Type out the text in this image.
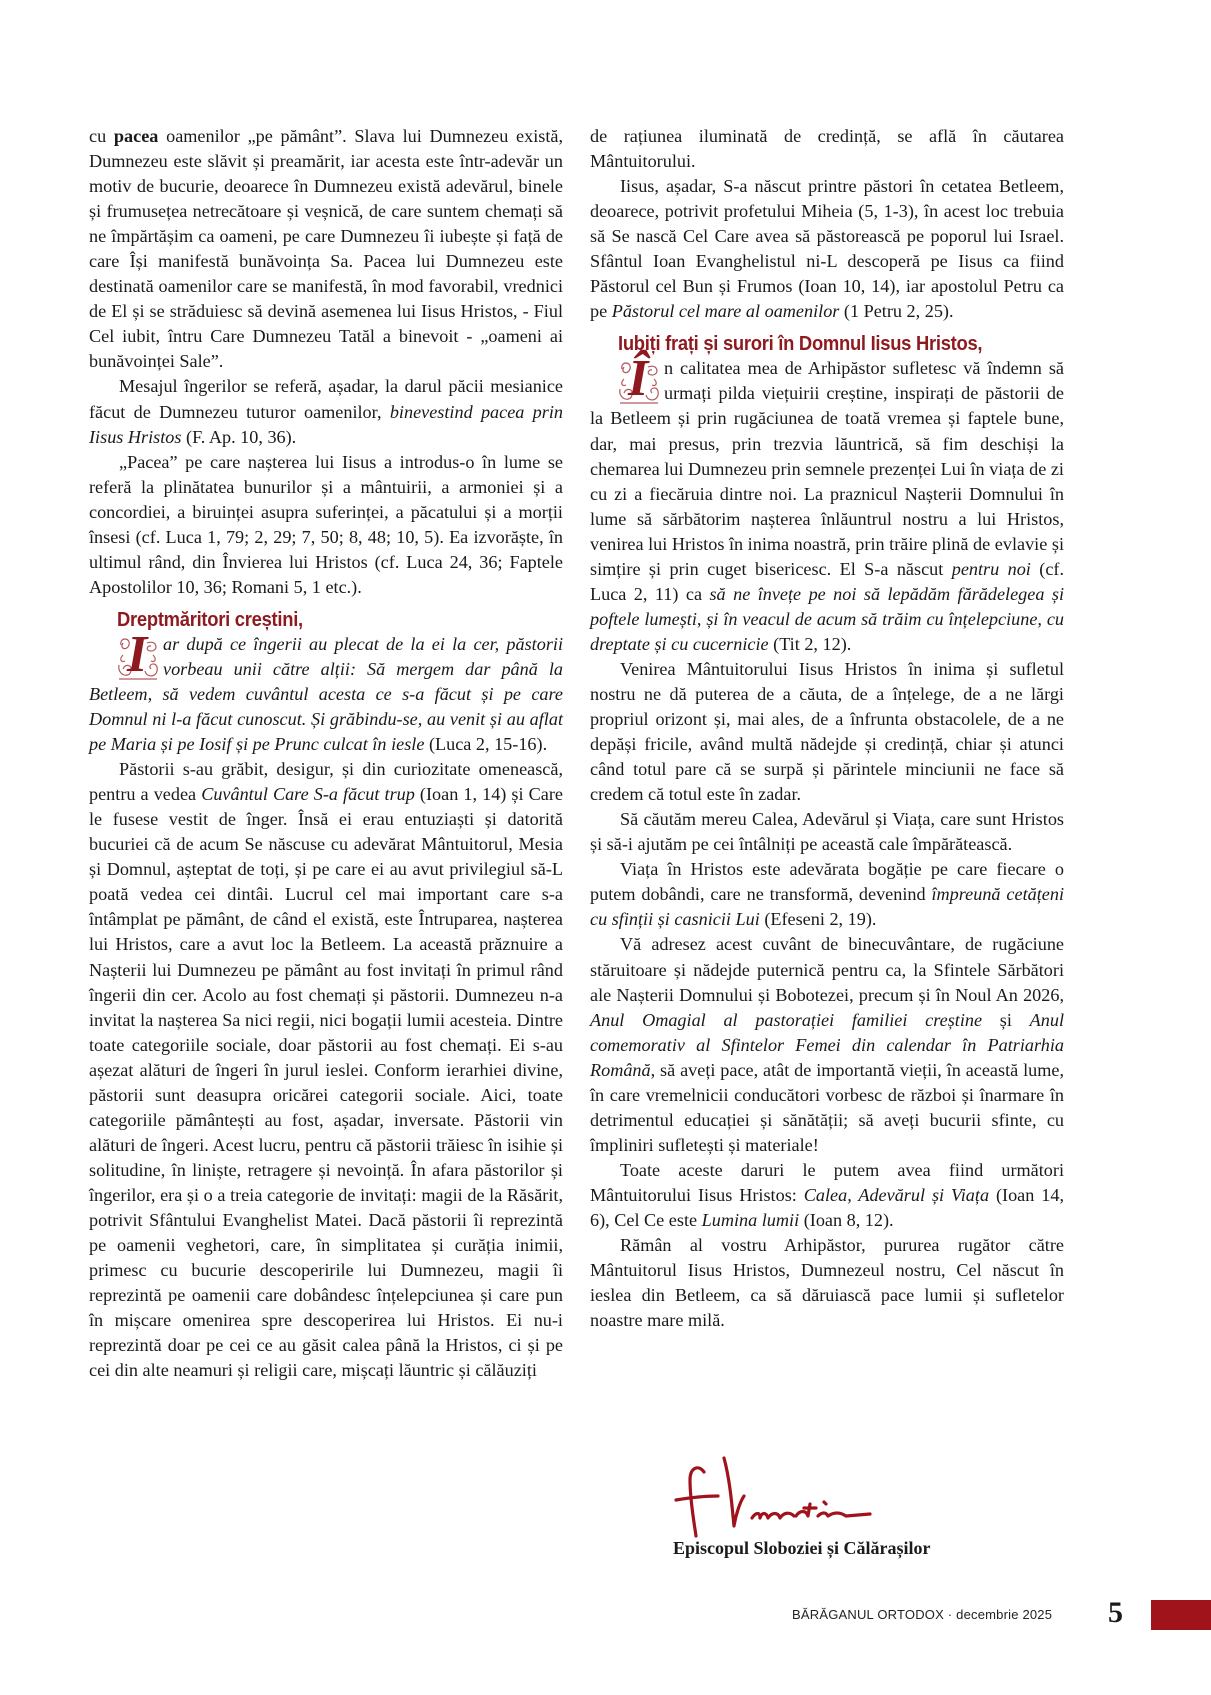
cu pacea oamenilor „pe pământ”. Slava lui Dumnezeu există, Dumnezeu este slăvit și preamărit, iar acesta este într-adevăr un motiv de bucurie, deoarece în Dumnezeu există adevărul, binele și frumusețea netrecătoare și veșnică, de care suntem chemați să ne împărtășim ca oameni, pe care Dumnezeu îi iubește și față de care Își manifestă bunăvoința Sa. Pacea lui Dumnezeu este destinată oamenilor care se manifestă, în mod favorabil, vrednici de El și se străduiesc să devină asemenea lui Iisus Hristos, - Fiul Cel iubit, întru Care Dumnezeu Tatăl a binevoit - „oameni ai bunăvoinței Sale”.

Mesajul îngerilor se referă, așadar, la darul păcii mesianice făcut de Dumnezeu tuturor oamenilor, binevestind pacea prin Iisus Hristos (F. Ap. 10, 36).

„Pacea” pe care nașterea lui Iisus a introdus-o în lume se referă la plinătatea bunurilor și a mântuirii, a armoniei și a concordiei, a biruinței asupra suferinței, a păcatului și a morții însesi (cf. Luca 1, 79; 2, 29; 7, 50; 8, 48; 10, 5). Ea izvorăște, în ultimul rând, din Învierea lui Hristos (cf. Luca 24, 36; Faptele Apostolilor 10, 36; Romani 5, 1 etc.).

Dreptmăritori creștini,
I ar după ce îngerii au plecat de la ei la cer, păstorii vorbeau unii către alții: Să mergem dar până la Betleem, să vedem cuvântul acesta ce s-a făcut și pe care Domnul ni l-a făcut cunoscut. Și grăbindu-se, au venit și au aflat pe Maria și pe Iosif și pe Prunc culcat în iesle (Luca 2, 15-16).

Păstorii s-au grăbit, desigur, și din curiozitate omenească, pentru a vedea Cuvântul Care S-a făcut trup (Ioan 1, 14) și Care le fusese vestit de înger. Însă ei erau entuziaști și datorită bucuriei că de acum Se născuse cu adevărat Mântuitorul, Mesia și Domnul, așteptat de toți, și pe care ei au avut privilegiul să-L poată vedea cei dintâi. Lucrul cel mai important care s-a întâmplat pe pământ, de când el există, este Întruparea, nașterea lui Hristos, care a avut loc la Betleem. La această prăznuire a Nașterii lui Dumnezeu pe pământ au fost invitați în primul rând îngerii din cer. Acolo au fost chemați și păstorii. Dumnezeu n-a invitat la nașterea Sa nici regii, nici bogații lumii acesteia. Dintre toate categoriile sociale, doar păstorii au fost chemați. Ei s-au așezat alături de îngeri în jurul ieslei. Conform ierarhiei divine, păstorii sunt deasupra oricărei categorii sociale. Aici, toate categoriile pământești au fost, așadar, inversate. Păstorii vin alături de îngeri. Acest lucru, pentru că păstorii trăiesc în isihie și solitudine, în liniște, retragere și nevoință. În afara păstorilor și îngerilor, era și o a treia categorie de invitați: magii de la Răsărit, potrivit Sfântului Evanghelist Matei. Dacă păstorii îi reprezintă pe oamenii veghetori, care, în simplitatea și curăția inimii, primesc cu bucurie descoperirile lui Dumnezeu, magii îi reprezintă pe oamenii care dobândesc înțelepciunea și care pun în mișcare omenirea spre descoperirea lui Hristos. Ei nu-i reprezintă doar pe cei ce au găsit calea până la Hristos, ci și pe cei din alte neamuri și religii care, mișcați lăuntric și călăuziți

de rațiunea iluminată de credință, se află în căutarea Mântuitorului.

Iisus, așadar, S-a născut printre păstori în cetatea Betleem, deoarece, potrivit profetului Miheia (5, 1-3), în acest loc trebuia să Se nască Cel Care avea să păstorească pe poporul lui Israel. Sfântul Ioan Evanghelistul ni-L descoperă pe Iisus ca fiind Păstorul cel Bun și Frumos (Ioan 10, 14), iar apostolul Petru ca pe Păstorul cel mare al oamenilor (1 Petru 2, 25).

Iubiți frați și surori în Domnul Iisus Hristos,
Î n calitatea mea de Arhipăstor sufletesc vă îndemn să urmați pilda viețuirii creștine, inspirați de păstorii de la Betleem și prin rugăciunea de toată vremea și faptele bune, dar, mai presus, prin trezvia lăuntrică, să fim deschiși la chemarea lui Dumnezeu prin semnele prezenței Lui în viața de zi cu zi a fiecăruia dintre noi. La praznicul Nașterii Domnului în lume să sărbătorim nașterea înlăuntrul nostru a lui Hristos, venirea lui Hristos în inima noastră, prin trăire plină de evlavie și simțire și prin cuget bisericesc. El S-a născut pentru noi (cf. Luca 2, 11) ca să ne învețe pe noi să lepădăm fărădelegea și poftele lumești, și în veacul de acum să trăim cu înțelepciune, cu dreptate și cu cucernicie (Tit 2, 12).

Venirea Mântuitorului Iisus Hristos în inima și sufletul nostru ne dă puterea de a căuta, de a înțelege, de a ne lărgi propriul orizont și, mai ales, de a înfrunta obstacolele, de a ne depăși fricile, având multă nădejde și credință, chiar și atunci când totul pare că se surpă și părintele minciunii ne face să credem că totul este în zadar.

Să căutăm mereu Calea, Adevărul și Viața, care sunt Hristos și să-i ajutăm pe cei întâlniți pe această cale împărătească.

Viața în Hristos este adevărata bogăție pe care fiecare o putem dobândi, care ne transformă, devenind împreună cetățeni cu sfinții și casnicii Lui (Efeseni 2, 19).

Vă adresez acest cuvânt de binecuvântare, de rugăciune stăruitoare și nădejde puternică pentru ca, la Sfintele Sărbători ale Nașterii Domnului și Bobotezei, precum și în Noul An 2026, Anul Omagial al pastorației familiei creștine și Anul comemorativ al Sfintelor Femei din calendar în Patriarhia Română, să aveți pace, atât de importantă vieții, în această lume, în care vremelnicii conducători vorbesc de război și înarmare în detrimentul educației și sănătății; să aveți bucurii sfinte, cu împliniri sufletești și materiale!

Toate aceste daruri le putem avea fiind următori Mântuitorului Iisus Hristos: Calea, Adevărul și Viața (Ioan 14, 6), Cel Ce este Lumina lumii (Ioan 8, 12).

Rămân al vostru Arhipăstor, pururea rugător către Mântuitorul Iisus Hristos, Dumnezeul nostru, Cel născut în ieslea din Betleem, ca să dăruiască pace lumii și sufletelor noastre mare milă.

Episcopul Sloboziei și Călărașilor
BĂRĂGANUL ORTODOX · decembrie 2025 5
